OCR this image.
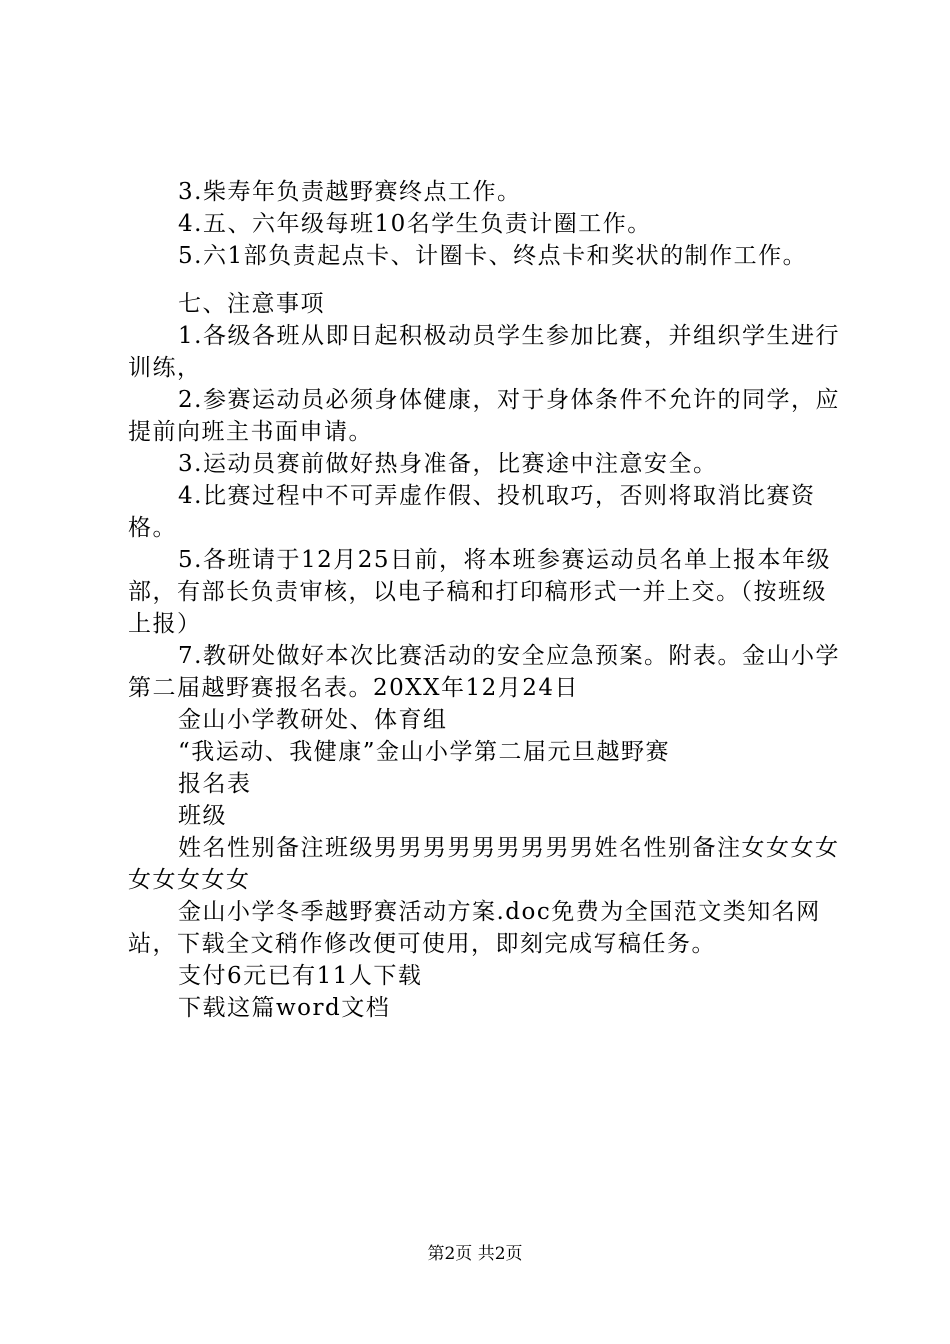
3.柴寿年负责越野赛终点工作。

4.五、六年级每班10名学生负责计圈工作。

5.六1部负责起点卡、计圈卡、终点卡和奖状的制作工作。

七、注意事项

1.各级各班从即日起积极动员学生参加比赛，并组织学生进行训练，

2.参赛运动员必须身体健康，对于身体条件不允许的同学，应提前向班主书面申请。

3.运动员赛前做好热身准备，比赛途中注意安全。

4.比赛过程中不可弄虚作假、投机取巧，否则将取消比赛资格。

5.各班请于12月25日前，将本班参赛运动员名单上报本年级部，有部长负责审核，以电子稿和打印稿形式一并上交。（按班级上报）

7.教研处做好本次比赛活动的安全应急预案。附表。金山小学第二届越野赛报名表。20XX年12月24日

金山小学教研处、体育组

“我运动、我健康”金山小学第二届元旦越野赛

报名表

班级

姓名性别备注班级男男男男男男男男男姓名性别备注女女女女女女女女女

金山小学冬季越野赛活动方案.doc免费为全国范文类知名网站，下载全文稍作修改便可使用，即刻完成写稿任务。

支付6元已有11人下载

下载这篇word文档

第2页 共2页
